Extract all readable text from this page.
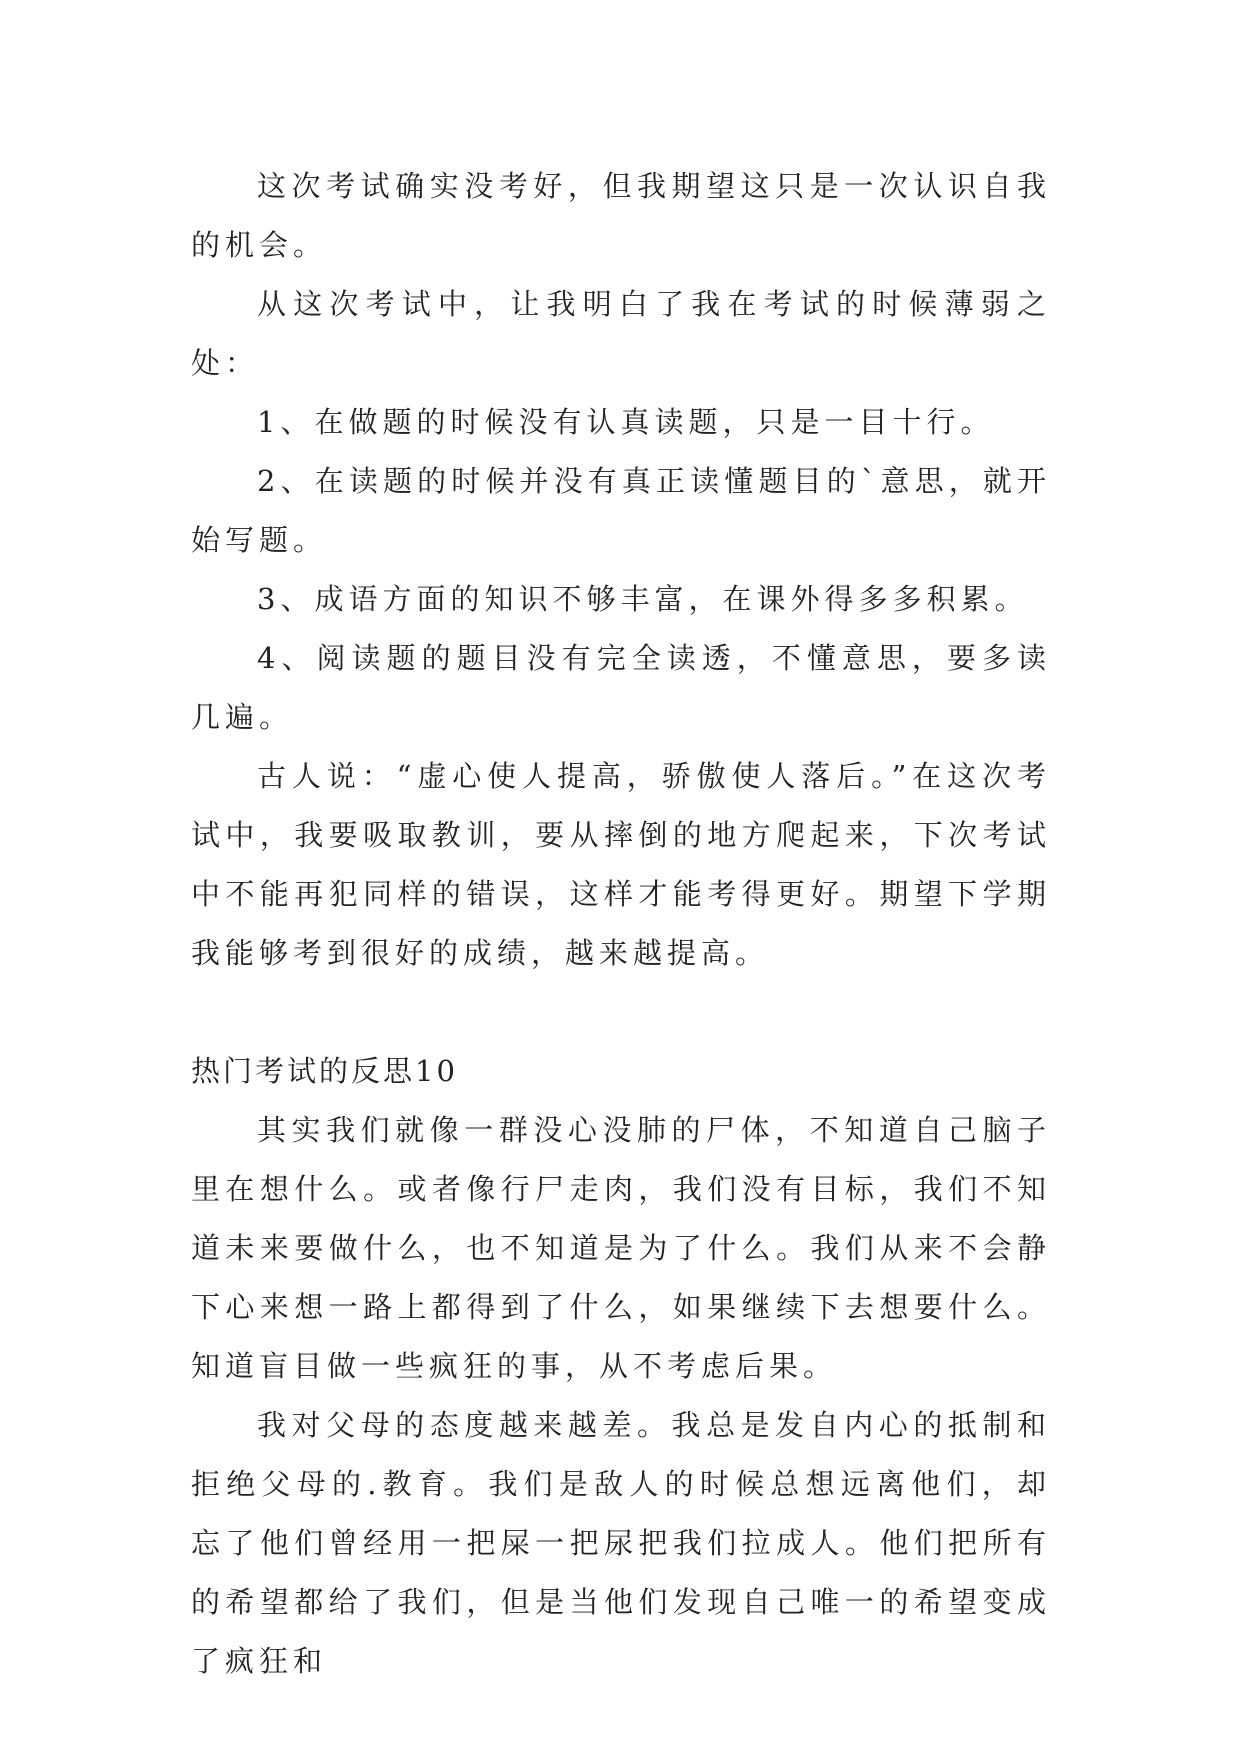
这次考试确实没考好，但我期望这只是一次认识自我的机会。

从这次考试中，让我明白了我在考试的时候薄弱之处：

1、在做题的时候没有认真读题，只是一目十行。

2、在读题的时候并没有真正读懂题目的`意思，就开始写题。

3、成语方面的知识不够丰富，在课外得多多积累。

4、阅读题的题目没有完全读透，不懂意思，要多读几遍。

古人说：“虚心使人提高，骄傲使人落后。”在这次考试中，我要吸取教训，要从摔倒的地方爬起来，下次考试中不能再犯同样的错误，这样才能考得更好。期望下学期我能够考到很好的成绩，越来越提高。

热门考试的反思10

其实我们就像一群没心没肺的尸体，不知道自己脑子里在想什么。或者像行尸走肉，我们没有目标，我们不知道未来要做什么，也不知道是为了什么。我们从来不会静下心来想一路上都得到了什么，如果继续下去想要什么。知道盲目做一些疯狂的事，从不考虑后果。

我对父母的态度越来越差。我总是发自内心的抵制和拒绝父母的.教育。我们是敌人的时候总想远离他们，却忘了他们曾经用一把屎一把尿把我们拉成人。他们把所有的希望都给了我们，但是当他们发现自己唯一的希望变成了疯狂和
